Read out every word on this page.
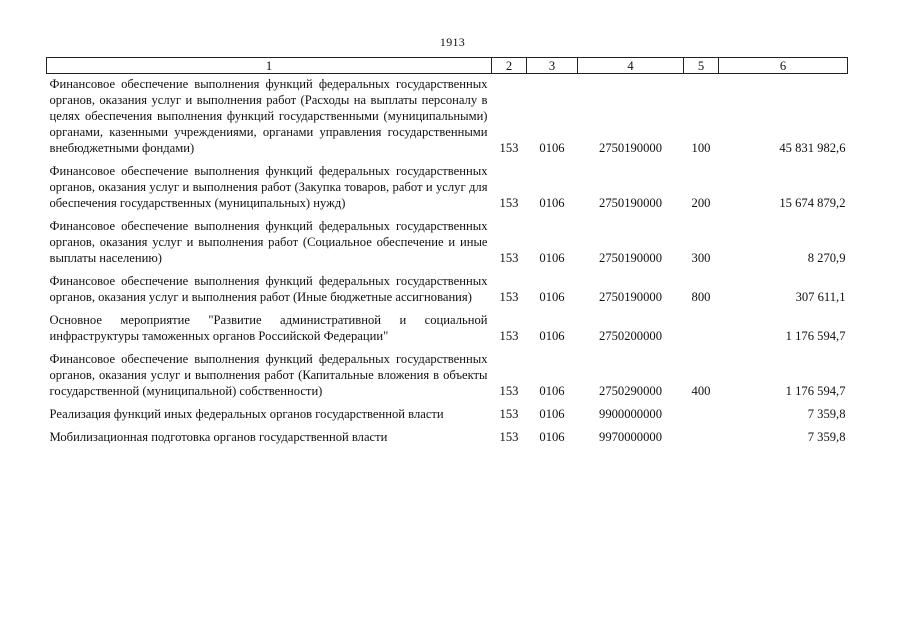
1913
1	2	3	4	5	6
Финансовое обеспечение выполнения функций федеральных государственных органов, оказания услуг и выполнения работ (Расходы на выплаты персоналу в целях обеспечения выполнения функций государственными (муниципальными) органами, казенными учреждениями, органами управления государственными внебюджетными фондами)	153	0106	2750190000	100	45 831 982,6
Финансовое обеспечение выполнения функций федеральных государственных органов, оказания услуг и выполнения работ (Закупка товаров, работ и услуг для обеспечения государственных (муниципальных) нужд)	153	0106	2750190000	200	15 674 879,2
Финансовое обеспечение выполнения функций федеральных государственных органов, оказания услуг и выполнения работ (Социальное обеспечение и иные выплаты населению)	153	0106	2750190000	300	8 270,9
Финансовое обеспечение выполнения функций федеральных государственных органов, оказания услуг и выполнения работ (Иные бюджетные ассигнования)	153	0106	2750190000	800	307 611,1
Основное мероприятие "Развитие административной и социальной инфраструктуры таможенных органов Российской Федерации"	153	0106	2750200000		1 176 594,7
Финансовое обеспечение выполнения функций федеральных государственных органов, оказания услуг и выполнения работ (Капитальные вложения в объекты государственной (муниципальной) собственности)	153	0106	2750290000	400	1 176 594,7
Реализация функций иных федеральных органов государственной власти	153	0106	9900000000		7 359,8
Мобилизационная подготовка органов государственной власти	153	0106	9970000000		7 359,8
